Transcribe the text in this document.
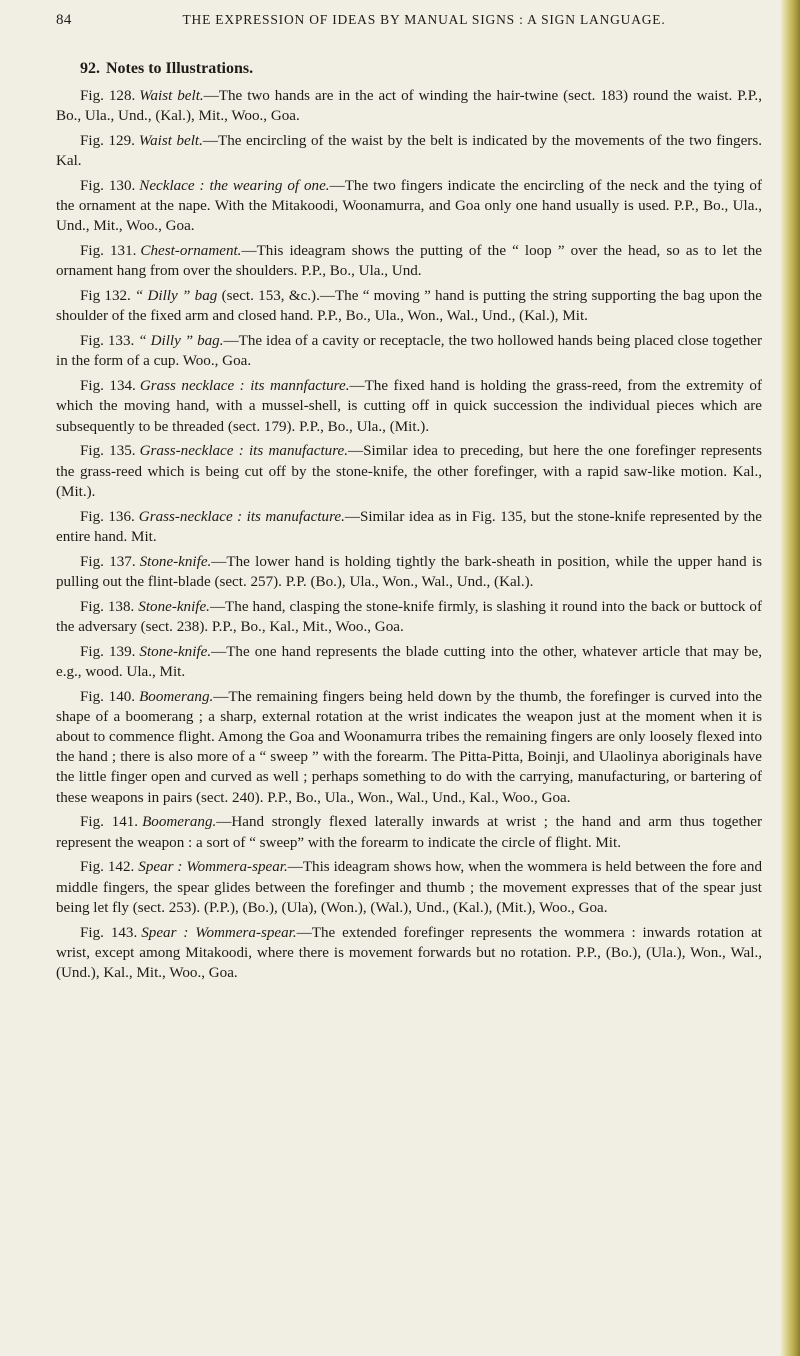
84	THE EXPRESSION OF IDEAS BY MANUAL SIGNS : A SIGN LANGUAGE.
92. Notes to Illustrations.

Fig. 128. Waist belt.—The two hands are in the act of winding the hair-twine (sect. 183) round the waist. P.P., Bo., Ula., Und., (Kal.), Mit., Woo., Goa.

Fig. 129. Waist belt.—The encircling of the waist by the belt is indicated by the movements of the two fingers. Kal.

Fig. 130. Necklace : the wearing of one.—The two fingers indicate the encircling of the neck and the tying of the ornament at the nape. With the Mitakoodi, Woonamurra, and Goa only one hand usually is used. P.P., Bo., Ula., Und., Mit., Woo., Goa.

Fig. 131. Chest-ornament.—This ideagram shows the putting of the “ loop ” over the head, so as to let the ornament hang from over the shoulders. P.P., Bo., Ula., Und.

Fig 132. “ Dilly ” bag (sect. 153, &c.).—The “ moving ” hand is putting the string supporting the bag upon the shoulder of the fixed arm and closed hand. P.P., Bo., Ula., Won., Wal., Und., (Kal.), Mit.

Fig. 133. “ Dilly ” bag.—The idea of a cavity or receptacle, the two hollowed hands being placed close together in the form of a cup. Woo., Goa.

Fig. 134. Grass necklace : its mannfacture.—The fixed hand is holding the grass-reed, from the extremity of which the moving hand, with a mussel-shell, is cutting off in quick succession the individual pieces which are subsequently to be threaded (sect. 179). P.P., Bo., Ula., (Mit.).

Fig. 135. Grass-necklace : its manufacture.—Similar idea to preceding, but here the one forefinger represents the grass-reed which is being cut off by the stone-knife, the other forefinger, with a rapid saw-like motion. Kal., (Mit.).

Fig. 136. Grass-necklace : its manufacture.—Similar idea as in Fig. 135, but the stone-knife represented by the entire hand. Mit.

Fig. 137. Stone-knife.—The lower hand is holding tightly the bark-sheath in position, while the upper hand is pulling out the flint-blade (sect. 257). P.P. (Bo.), Ula., Won., Wal., Und., (Kal.).

Fig. 138. Stone-knife.—The hand, clasping the stone-knife firmly, is slashing it round into the back or buttock of the adversary (sect. 238). P.P., Bo., Kal., Mit., Woo., Goa.

Fig. 139. Stone-knife.—The one hand represents the blade cutting into the other, whatever article that may be, e.g., wood. Ula., Mit.

Fig. 140. Boomerang.—The remaining fingers being held down by the thumb, the forefinger is curved into the shape of a boomerang ; a sharp, external rotation at the wrist indicates the weapon just at the moment when it is about to commence flight. Among the Goa and Woonamurra tribes the remaining fingers are only loosely flexed into the hand ; there is also more of a “ sweep ” with the forearm. The Pitta-Pitta, Boinji, and Ulaolinya aboriginals have the little finger open and curved as well ; perhaps something to do with the carrying, manufacturing, or bartering of these weapons in pairs (sect. 240). P.P., Bo., Ula., Won., Wal., Und., Kal., Woo., Goa.

Fig. 141. Boomerang.—Hand strongly flexed laterally inwards at wrist ; the hand and arm thus together represent the weapon : a sort of “ sweep” with the forearm to indicate the circle of flight. Mit.

Fig. 142. Spear : Wommera-spear.—This ideagram shows how, when the wommera is held between the fore and middle fingers, the spear glides between the forefinger and thumb ; the movement expresses that of the spear just being let fly (sect. 253). (P.P.), (Bo.), (Ula), (Won.), (Wal.), Und., (Kal.), (Mit.), Woo., Goa.

Fig. 143. Spear : Wommera-spear.—The extended forefinger represents the wommera : inwards rotation at wrist, except among Mitakoodi, where there is movement forwards but no rotation. P.P., (Bo.), (Ula.), Won., Wal., (Und.), Kal., Mit., Woo., Goa.
